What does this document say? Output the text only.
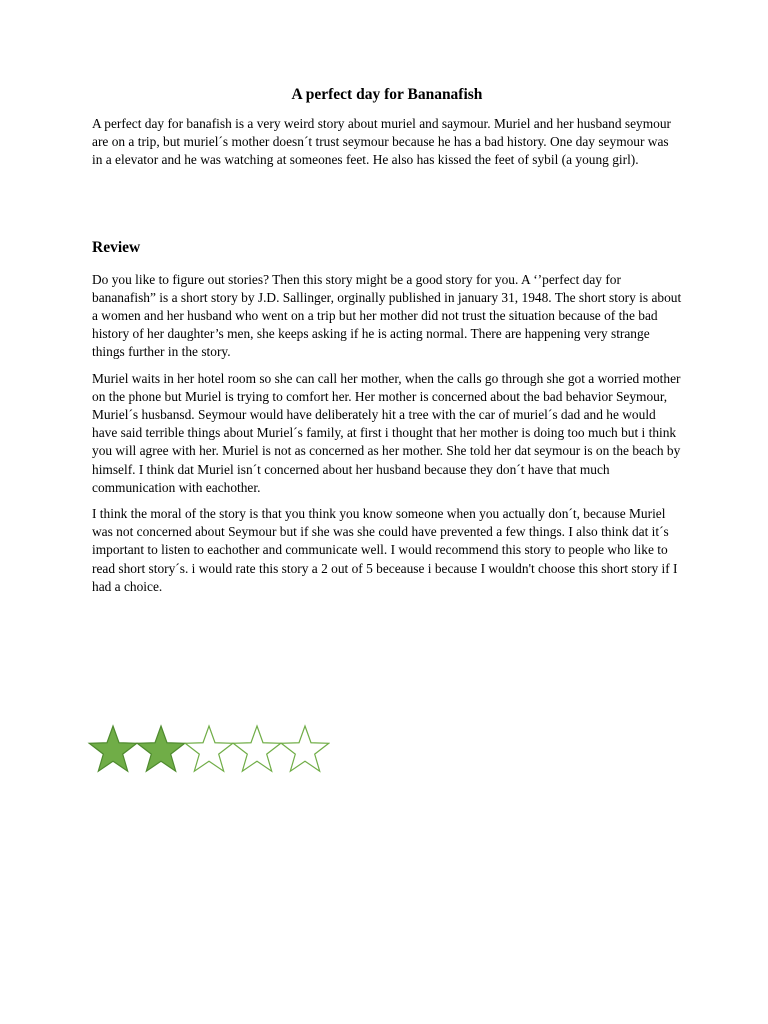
A perfect day for Bananafish

A perfect day for banafish is a very weird story about muriel and saymour. Muriel and her husband seymour are on a trip, but muriel´s mother doesn´t trust seymour because he has a bad history. One day seymour was in a elevator and he was watching at someones feet. He also has kissed the feet of sybil (a young girl).

Review

Do you like to figure out stories? Then this story might be a good story for you. A ‘’perfect day for bananafish” is a short story by J.D. Sallinger, orginally published in january 31, 1948. The short story is about a women and her husband who went on a trip but her mother did not trust the situation because of the bad history of her daughter’s men, she keeps asking if he is acting normal. There are happening very strange things further in the story.

Muriel waits in her hotel room so she can call her mother, when the calls go through she got a worried mother on the phone but Muriel is trying to comfort her. Her mother is concerned about the bad behavior Seymour, Muriel´s husbansd. Seymour would have deliberately hit a tree with the car of muriel´s dad and he would have said terrible things about Muriel´s family, at first i thought that her mother is doing too much but i think you will agree with her. Muriel is not as concerned as her mother. She told her dat seymour is on the beach by himself. I think dat Muriel isn´t concerned about her husband because they don´t have that much communication with eachother.

I think the moral of the story is that you think you know someone when you actually don´t, because Muriel was not concerned about Seymour but if she was she could have prevented a few things. I also think dat it´s important to listen to eachother and communicate well. I would recommend this story to people who like to read short story´s. i would rate this story a 2 out of 5 beceause i because I wouldn't choose this short story if I had a choice.
